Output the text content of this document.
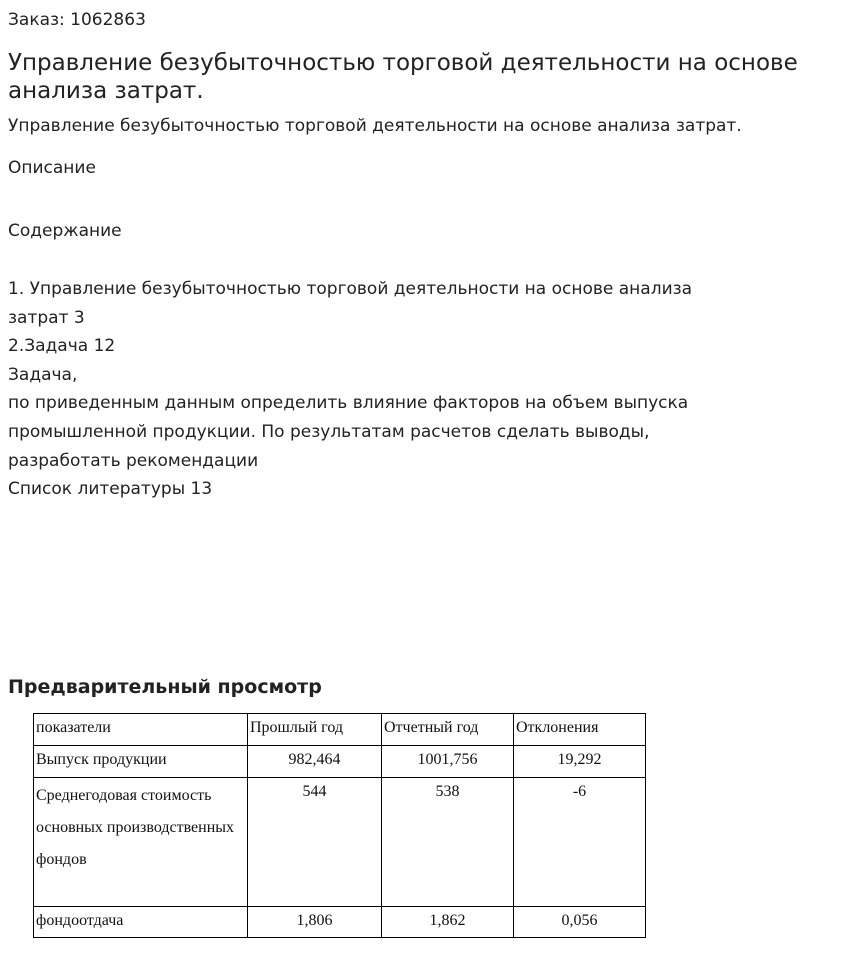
Заказ: 1062863
Управление безубыточностью торговой деятельности на основе анализа затрат.
Управление безубыточностью торговой деятельности на основе анализа затрат.
Описание
Содержание
1. Управление безубыточностью торговой деятельности на основе анализа
затрат 3
2.Задача 12
Задача,
по приведенным данным определить влияние факторов на объем выпуска
промышленной продукции. По результатам расчетов сделать выводы,
разработать рекомендации
Список литературы 13
Предварительный просмотр
показатели	Прошлый год	Отчетный год	Отклонения
Выпуск продукции	982,464	1001,756	19,292
Среднегодовая стоимость основных производственных фондов	544	538	-6
фондоотдача	1,806	1,862	0,056
